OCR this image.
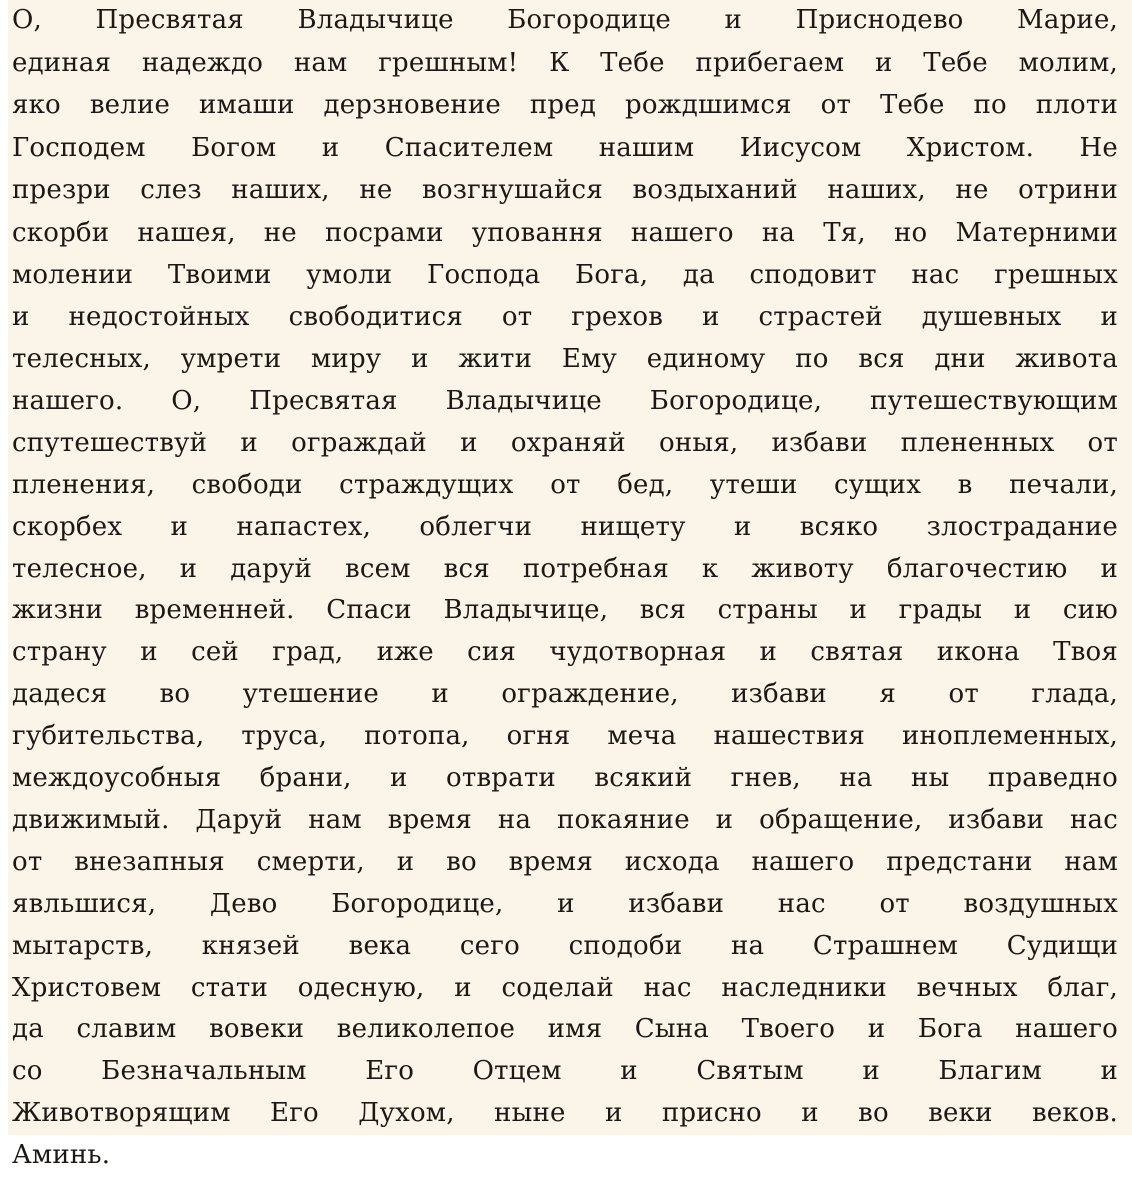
О, Пресвятая Владычице Богородице и Приснодево Марие,
единая надеждо нам грешным! К Тебе прибегаем и Тебе молим,
яко велие имаши дерзновение пред рождшимся от Тебе по плоти
Господем Богом и Спасителем нашим Иисусом Христом. Не
презри слез наших, не возгнушайся воздыханий наших, не отрини
скорби нашея, не посрами уповання нашего на Тя, но Матерними
молении Твоими умоли Господа Бога, да сподовит нас грешных
и недостойных свободитися от грехов и страстей душевных и
телесных, умрети миру и жити Ему единому по вся дни живота
нашего. О, Пресвятая Владычице Богородице, путешествующим
спутешествуй и ограждай и охраняй оныя, избави плененных от
пленения, свободи страждущих от бед, утеши сущих в печали,
скорбех и напастех, облегчи нищету и всяко злострадание
телесное, и даруй всем вся потребная к животу благочестию и
жизни временней. Спаси Владычице, вся страны и грады и сию
страну и сей град, иже сия чудотворная и святая икона Твоя
дадеся во утешение и ограждение, избави я от глада,
губительства, труса, потопа, огня меча нашествия иноплеменных,
междоусобныя брани, и отврати всякий гнев, на ны праведно
движимый. Даруй нам время на покаяние и обращение, избави нас
от внезапныя смерти, и во время исхода нашего предстани нам
явльшися, Дево Богородице, и избави нас от воздушных
мытарств, князей века сего сподоби на Страшнем Судищи
Христовем стати одесную, и соделай нас наследники вечных благ,
да славим вовеки великолепое имя Сына Твоего и Бога нашего
со Безначальным Его Отцем и Святым и Благим и
Животворящим Его Духом, ныне и присно и во веки веков.
Аминь.
